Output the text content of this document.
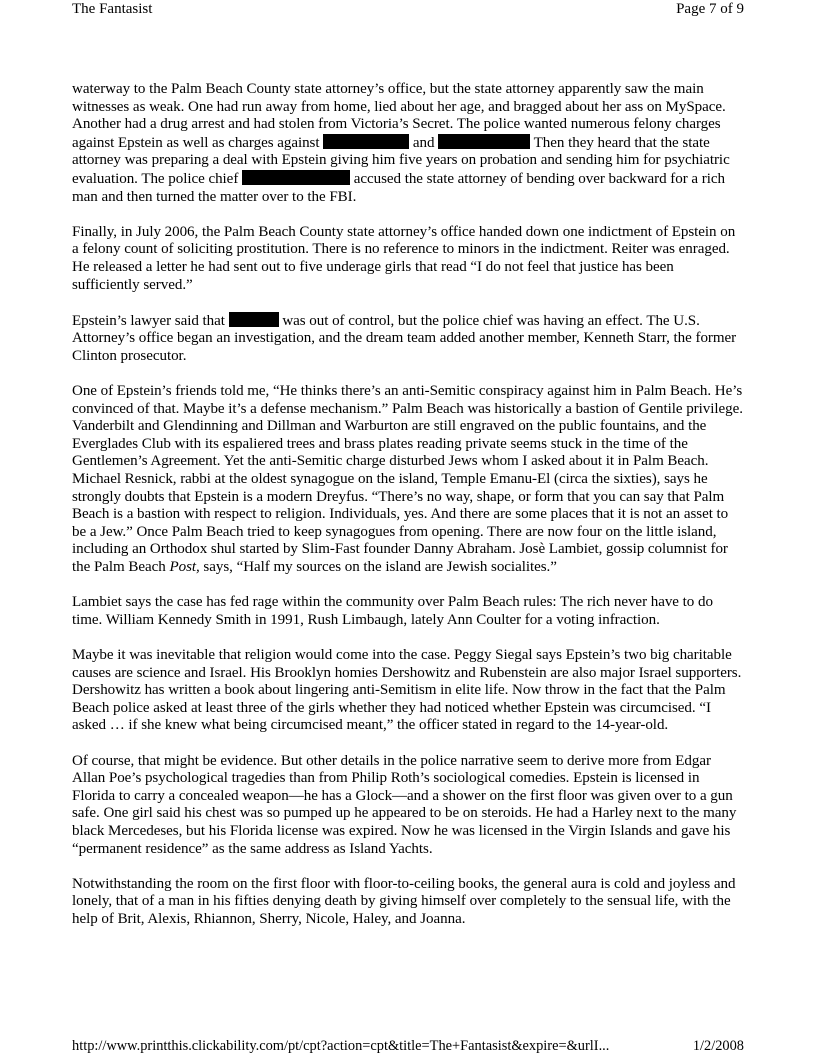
The Fantasist	Page 7 of 9

waterway to the Palm Beach County state attorney’s office, but the state attorney apparently saw the main witnesses as weak. One had run away from home, lied about her age, and bragged about her ass on MySpace. Another had a drug arrest and had stolen from Victoria’s Secret. The police wanted numerous felony charges against Epstein as well as charges against	and	Then they heard that the state attorney was preparing a deal with Epstein giving him five years on probation and sending him for psychiatric evaluation. The police chief	accused the state attorney of bending over backward for a rich man and then turned the matter over to the FBI.

Finally, in July 2006, the Palm Beach County state attorney’s office handed down one indictment of Epstein on a felony count of soliciting prostitution. There is no reference to minors in the indictment. Reiter was enraged. He released a letter he had sent out to five underage girls that read “I do not feel that justice has been sufficiently served.”

Epstein’s lawyer said that	was out of control, but the police chief was having an effect. The U.S. Attorney’s office began an investigation, and the dream team added another member, Kenneth Starr, the former Clinton prosecutor.

One of Epstein’s friends told me, “He thinks there’s an anti-Semitic conspiracy against him in Palm Beach. He’s convinced of that. Maybe it’s a defense mechanism.” Palm Beach was historically a bastion of Gentile privilege. Vanderbilt and Glendinning and Dillman and Warburton are still engraved on the public fountains, and the Everglades Club with its espaliered trees and brass plates reading private seems stuck in the time of the Gentlemen’s Agreement. Yet the anti-Semitic charge disturbed Jews whom I asked about it in Palm Beach. Michael Resnick, rabbi at the oldest synagogue on the island, Temple Emanu-El (circa the sixties), says he strongly doubts that Epstein is a modern Dreyfus. “There’s no way, shape, or form that you can say that Palm Beach is a bastion with respect to religion. Individuals, yes. And there are some places that it is not an asset to be a Jew.” Once Palm Beach tried to keep synagogues from opening. There are now four on the little island, including an Orthodox shul started by Slim-Fast founder Danny Abraham. Josè Lambiet, gossip columnist for the Palm Beach Post, says, “Half my sources on the island are Jewish socialites.”

Lambiet says the case has fed rage within the community over Palm Beach rules: The rich never have to do time. William Kennedy Smith in 1991, Rush Limbaugh, lately Ann Coulter for a voting infraction.

Maybe it was inevitable that religion would come into the case. Peggy Siegal says Epstein’s two big charitable causes are science and Israel. His Brooklyn homies Dershowitz and Rubenstein are also major Israel supporters. Dershowitz has written a book about lingering anti-Semitism in elite life. Now throw in the fact that the Palm Beach police asked at least three of the girls whether they had noticed whether Epstein was circumcised. “I asked … if she knew what being circumcised meant,” the officer stated in regard to the 14-year-old.

Of course, that might be evidence. But other details in the police narrative seem to derive more from Edgar Allan Poe’s psychological tragedies than from Philip Roth’s sociological comedies. Epstein is licensed in Florida to carry a concealed weapon—he has a Glock—and a shower on the first floor was given over to a gun safe. One girl said his chest was so pumped up he appeared to be on steroids. He had a Harley next to the many black Mercedeses, but his Florida license was expired. Now he was licensed in the Virgin Islands and gave his “permanent residence” as the same address as Island Yachts.

Notwithstanding the room on the first floor with floor-to-ceiling books, the general aura is cold and joyless and lonely, that of a man in his fifties denying death by giving himself over completely to the sensual life, with the help of Brit, Alexis, Rhiannon, Sherry, Nicole, Haley, and Joanna.

http://www.printthis.clickability.com/pt/cpt?action=cpt&title=The+Fantasist&expire=&urlI...	1/2/2008
